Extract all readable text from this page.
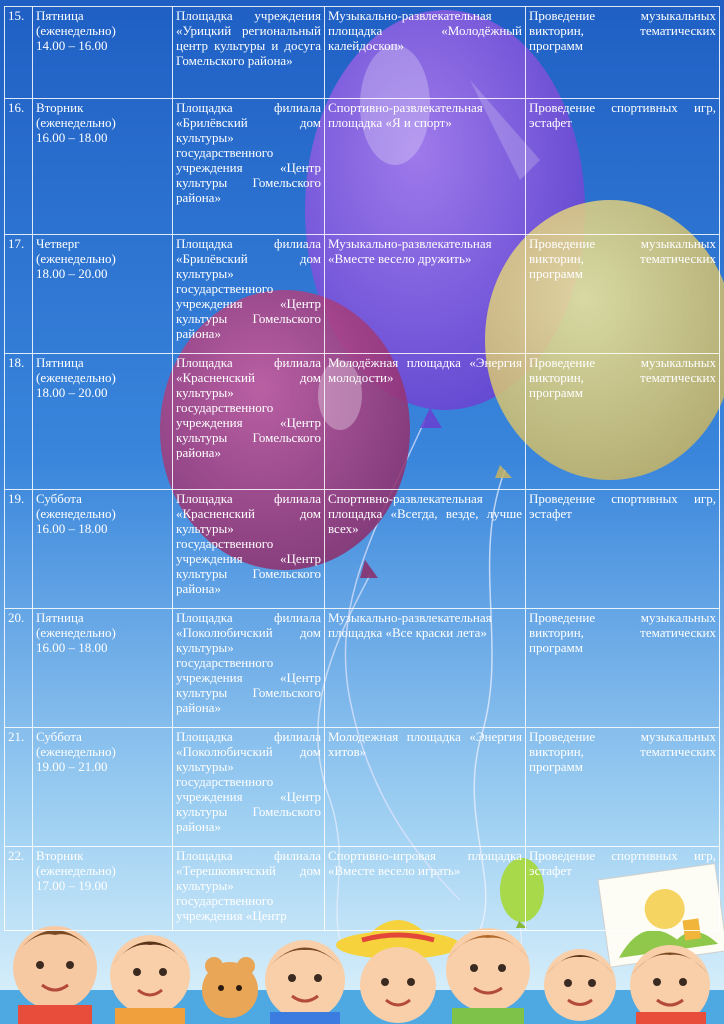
15.	Пятница
(еженедельно)
14.00 – 16.00	Площадка учреждения «Урицкий региональный центр культуры и досуга Гомельского района»	Музыкально-развлекательная площадка «Молодёжный калейдоскоп»	Проведение музыкальных викторин, тематических программ

16.	Вторник
(еженедельно)
16.00 – 18.00	Площадка филиала «Брилёвский дом культуры» государственного учреждения «Центр культуры Гомельского района»	Спортивно-развлекательная площадка «Я и спорт»	Проведение спортивных игр, эстафет

17.	Четверг
(еженедельно)
18.00 – 20.00	Площадка филиала «Брилёвский дом культуры» государственного учреждения «Центр культуры Гомельского района»	Музыкально-развлекательная «Вместе весело дружить»	Проведение музыкальных викторин, тематических программ

18.	Пятница
(еженедельно)
18.00 – 20.00	Площадка филиала «Красненский дом культуры» государственного учреждения «Центр культуры Гомельского района»	Молодёжная площадка «Энергия молодости»	Проведение музыкальных викторин, тематических программ

19.	Суббота
(еженедельно)
16.00 – 18.00	Площадка филиала «Красненский дом культуры» государственного учреждения «Центр культуры Гомельского района»	Спортивно-развлекательная площадка «Всегда, везде, лучше всех»	Проведение спортивных игр, эстафет

20.	Пятница
(еженедельно)
16.00 – 18.00	Площадка филиала «Поколюбичский дом культуры» государственного учреждения «Центр культуры Гомельского района»	Музыкально-развлекательная площадка «Все краски лета»	Проведение музыкальных викторин, тематических программ

21.	Суббота
(еженедельно)
19.00 – 21.00	Площадка филиала «Поколюбичский дом культуры» государственного учреждения «Центр культуры Гомельского района»	Молодежная площадка «Энергия хитов»	Проведение музыкальных викторин, тематических программ

22.	Вторник
(еженедельно)
17.00 – 19.00	Площадка филиала «Терешковичский дом культуры» государственного учреждения «Центр	Спортивно-игровая площадка «Вместе весело играть»	Проведение спортивных игр, эстафет
